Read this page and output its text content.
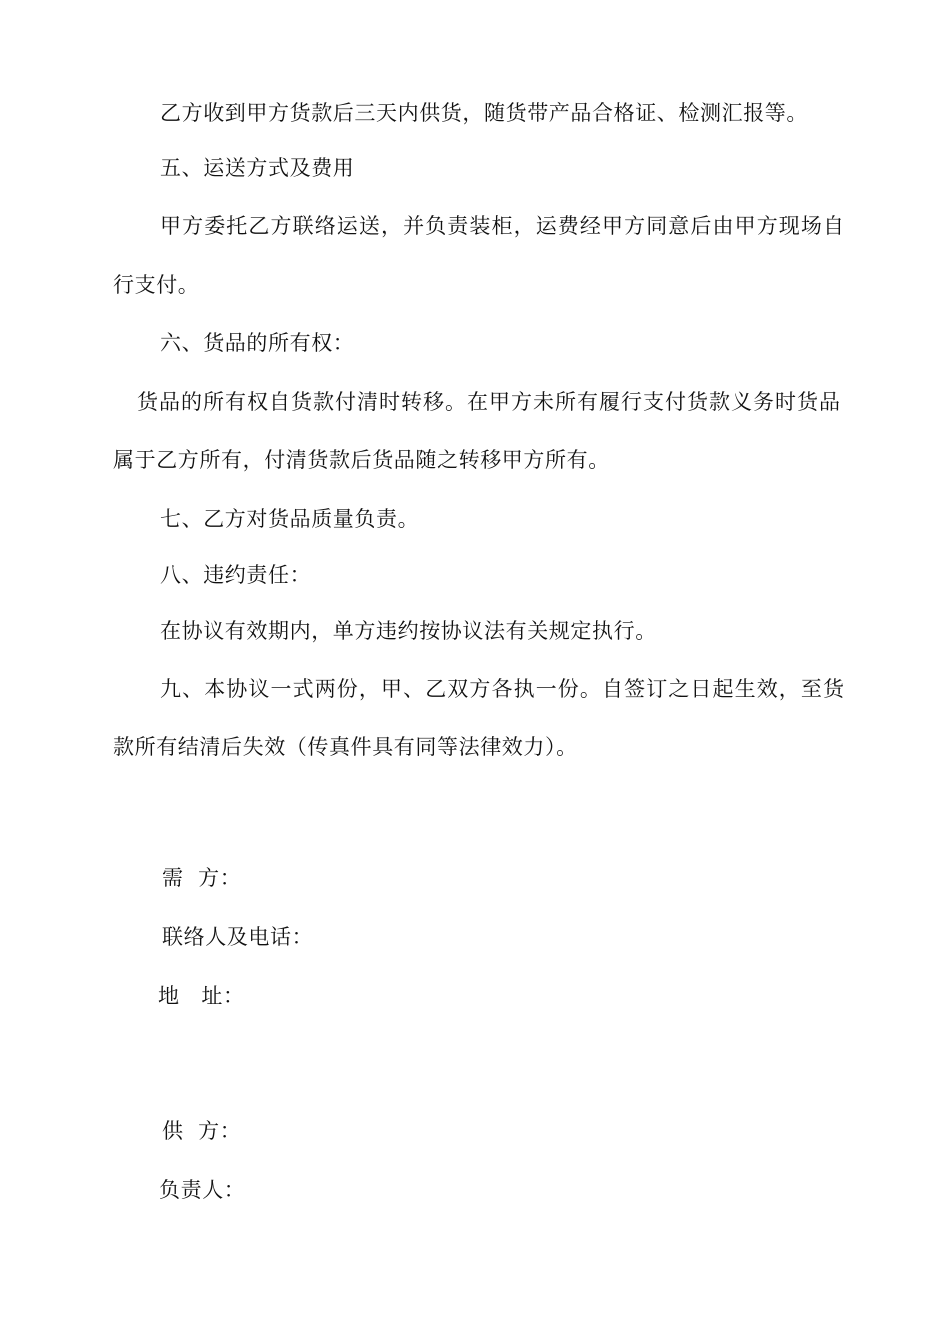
乙方收到甲方货款后三天内供货，随货带产品合格证、检测汇报等。
五、运送方式及费用
甲方委托乙方联络运送，并负责装柜，运费经甲方同意后由甲方现场自
行支付。
六、货品的所有权：
货品的所有权自货款付清时转移。在甲方未所有履行支付货款义务时货品
属于乙方所有，付清货款后货品随之转移甲方所有。
七、乙方对货品质量负责。
八、违约责任：
在协议有效期内，单方违约按协议法有关规定执行。
九、本协议一式两份，甲、乙双方各执一份。自签订之日起生效，至货
款所有结清后失效（传真件具有同等法律效力）。
需  方：
联络人及电话：
地   址：
供  方：
负责人：
